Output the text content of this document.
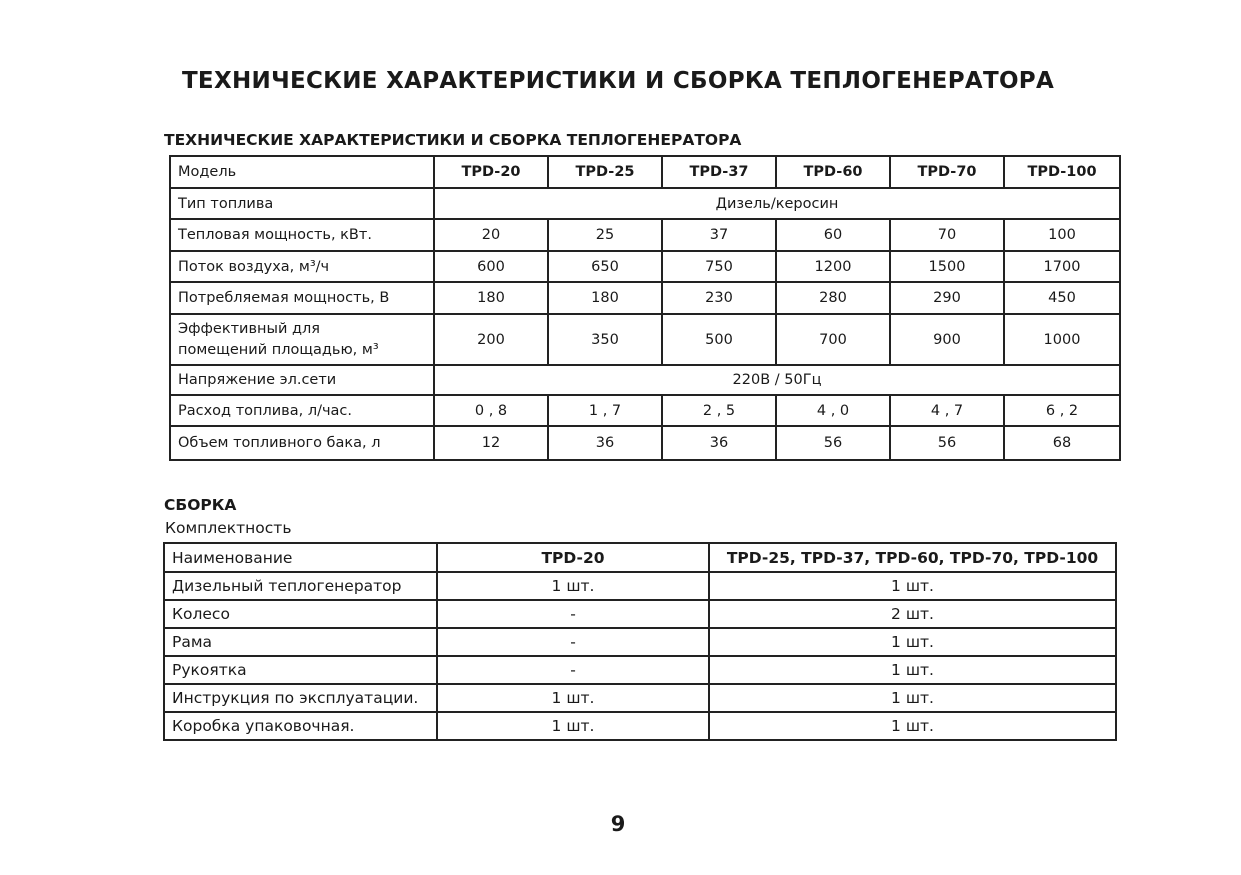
ТЕХНИЧЕСКИЕ ХАРАКТЕРИСТИКИ И СБОРКА ТЕПЛОГЕНЕРАТОРА
ТЕХНИЧЕСКИЕ ХАРАКТЕРИСТИКИ И СБОРКА ТЕПЛОГЕНЕРАТОРА
Модель	TPD-20	TPD-25	TPD-37	TPD-60	TPD-70	TPD-100
Тип топлива	Дизель/керосин					
Тепловая мощность, кВт.	20	25	37	60	70	100
Поток воздуха, м³/ч	600	650	750	1200	1500	1700
Потребляемая мощность, В	180	180	230	280	290	450
Эффективный для
помещений площадью, м³	200	350	500	700	900	1000
Напряжение эл.сети	220В / 50Гц					
Расход топлива, л/час.	0 , 8	1 , 7	2 , 5	4 , 0	4 , 7	6 , 2
Объем топливного бака, л	12	36	36	56	56	68
СБОРКА
Комплектность
Наименование	TPD-20	TPD-25, TPD-37, TPD-60, TPD-70, TPD-100
Дизельный теплогенератор	1 шт.	1 шт.
Колесо	-	2 шт.
Рама	-	1 шт.
Рукоятка	-	1 шт.
Инструкция по эксплуатации.	1 шт.	1 шт.
Коробка упаковочная.	1 шт.	1 шт.
9
